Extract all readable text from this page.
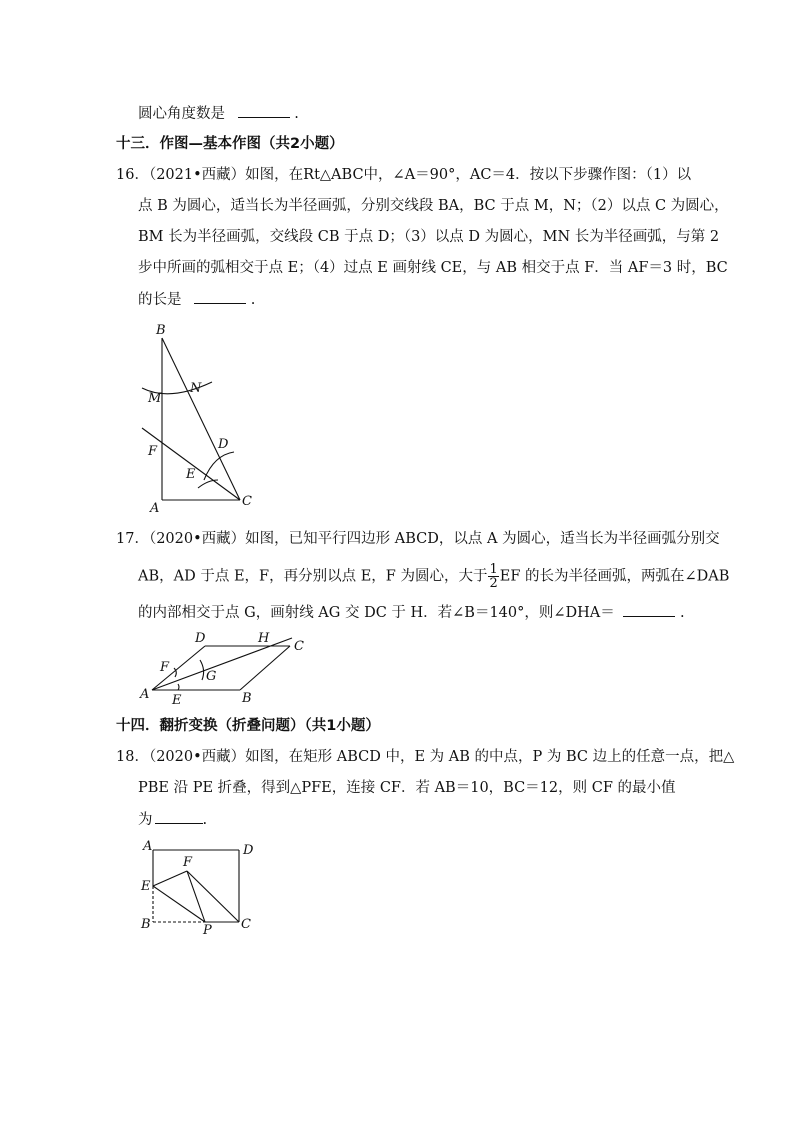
圆心角度数是	.
十三．作图—基本作图（共2小题）
16．（2021•西藏）如图，在Rt△ABC中，∠A＝90°，AC＝4．按以下步骤作图：（1）以
点 B 为圆心，适当长为半径画弧，分别交线段 BA，BC 于点 M，N；（2）以点 C 为圆心，
BM 长为半径画弧，交线段 CB 于点 D；（3）以点 D 为圆心，MN 长为半径画弧，与第 2
步中所画的弧相交于点 E；（4）过点 E 画射线 CE，与 AB 相交于点 F．当 AF＝3 时，BC
的长是	.
B
N
M
D
F
E
A	C
17．（2020•西藏）如图，已知平行四边形 ABCD，以点 A 为圆心，适当长为半径画弧分别交
AB，AD 于点 E，F，再分别以点 E，F 为圆心，大于 $\frac{1}{2}$ EF 的长为半径画弧，两弧在∠DAB
的内部相交于点 G，画射线 AG 交 DC 于 H．若∠B＝140°，则∠DHA＝	.
D	H
C
F
G
A E	B
十四．翻折变换（折叠问题）（共1小题）
18．（2020•西藏）如图，在矩形 ABCD 中，E 为 AB 的中点，P 为 BC 边上的任意一点，把△
PBE 沿 PE 折叠，得到△PFE，连接 CF．若 AB＝10，BC＝12，则 CF 的最小值
为	.
A
F
D
E
B	P C
